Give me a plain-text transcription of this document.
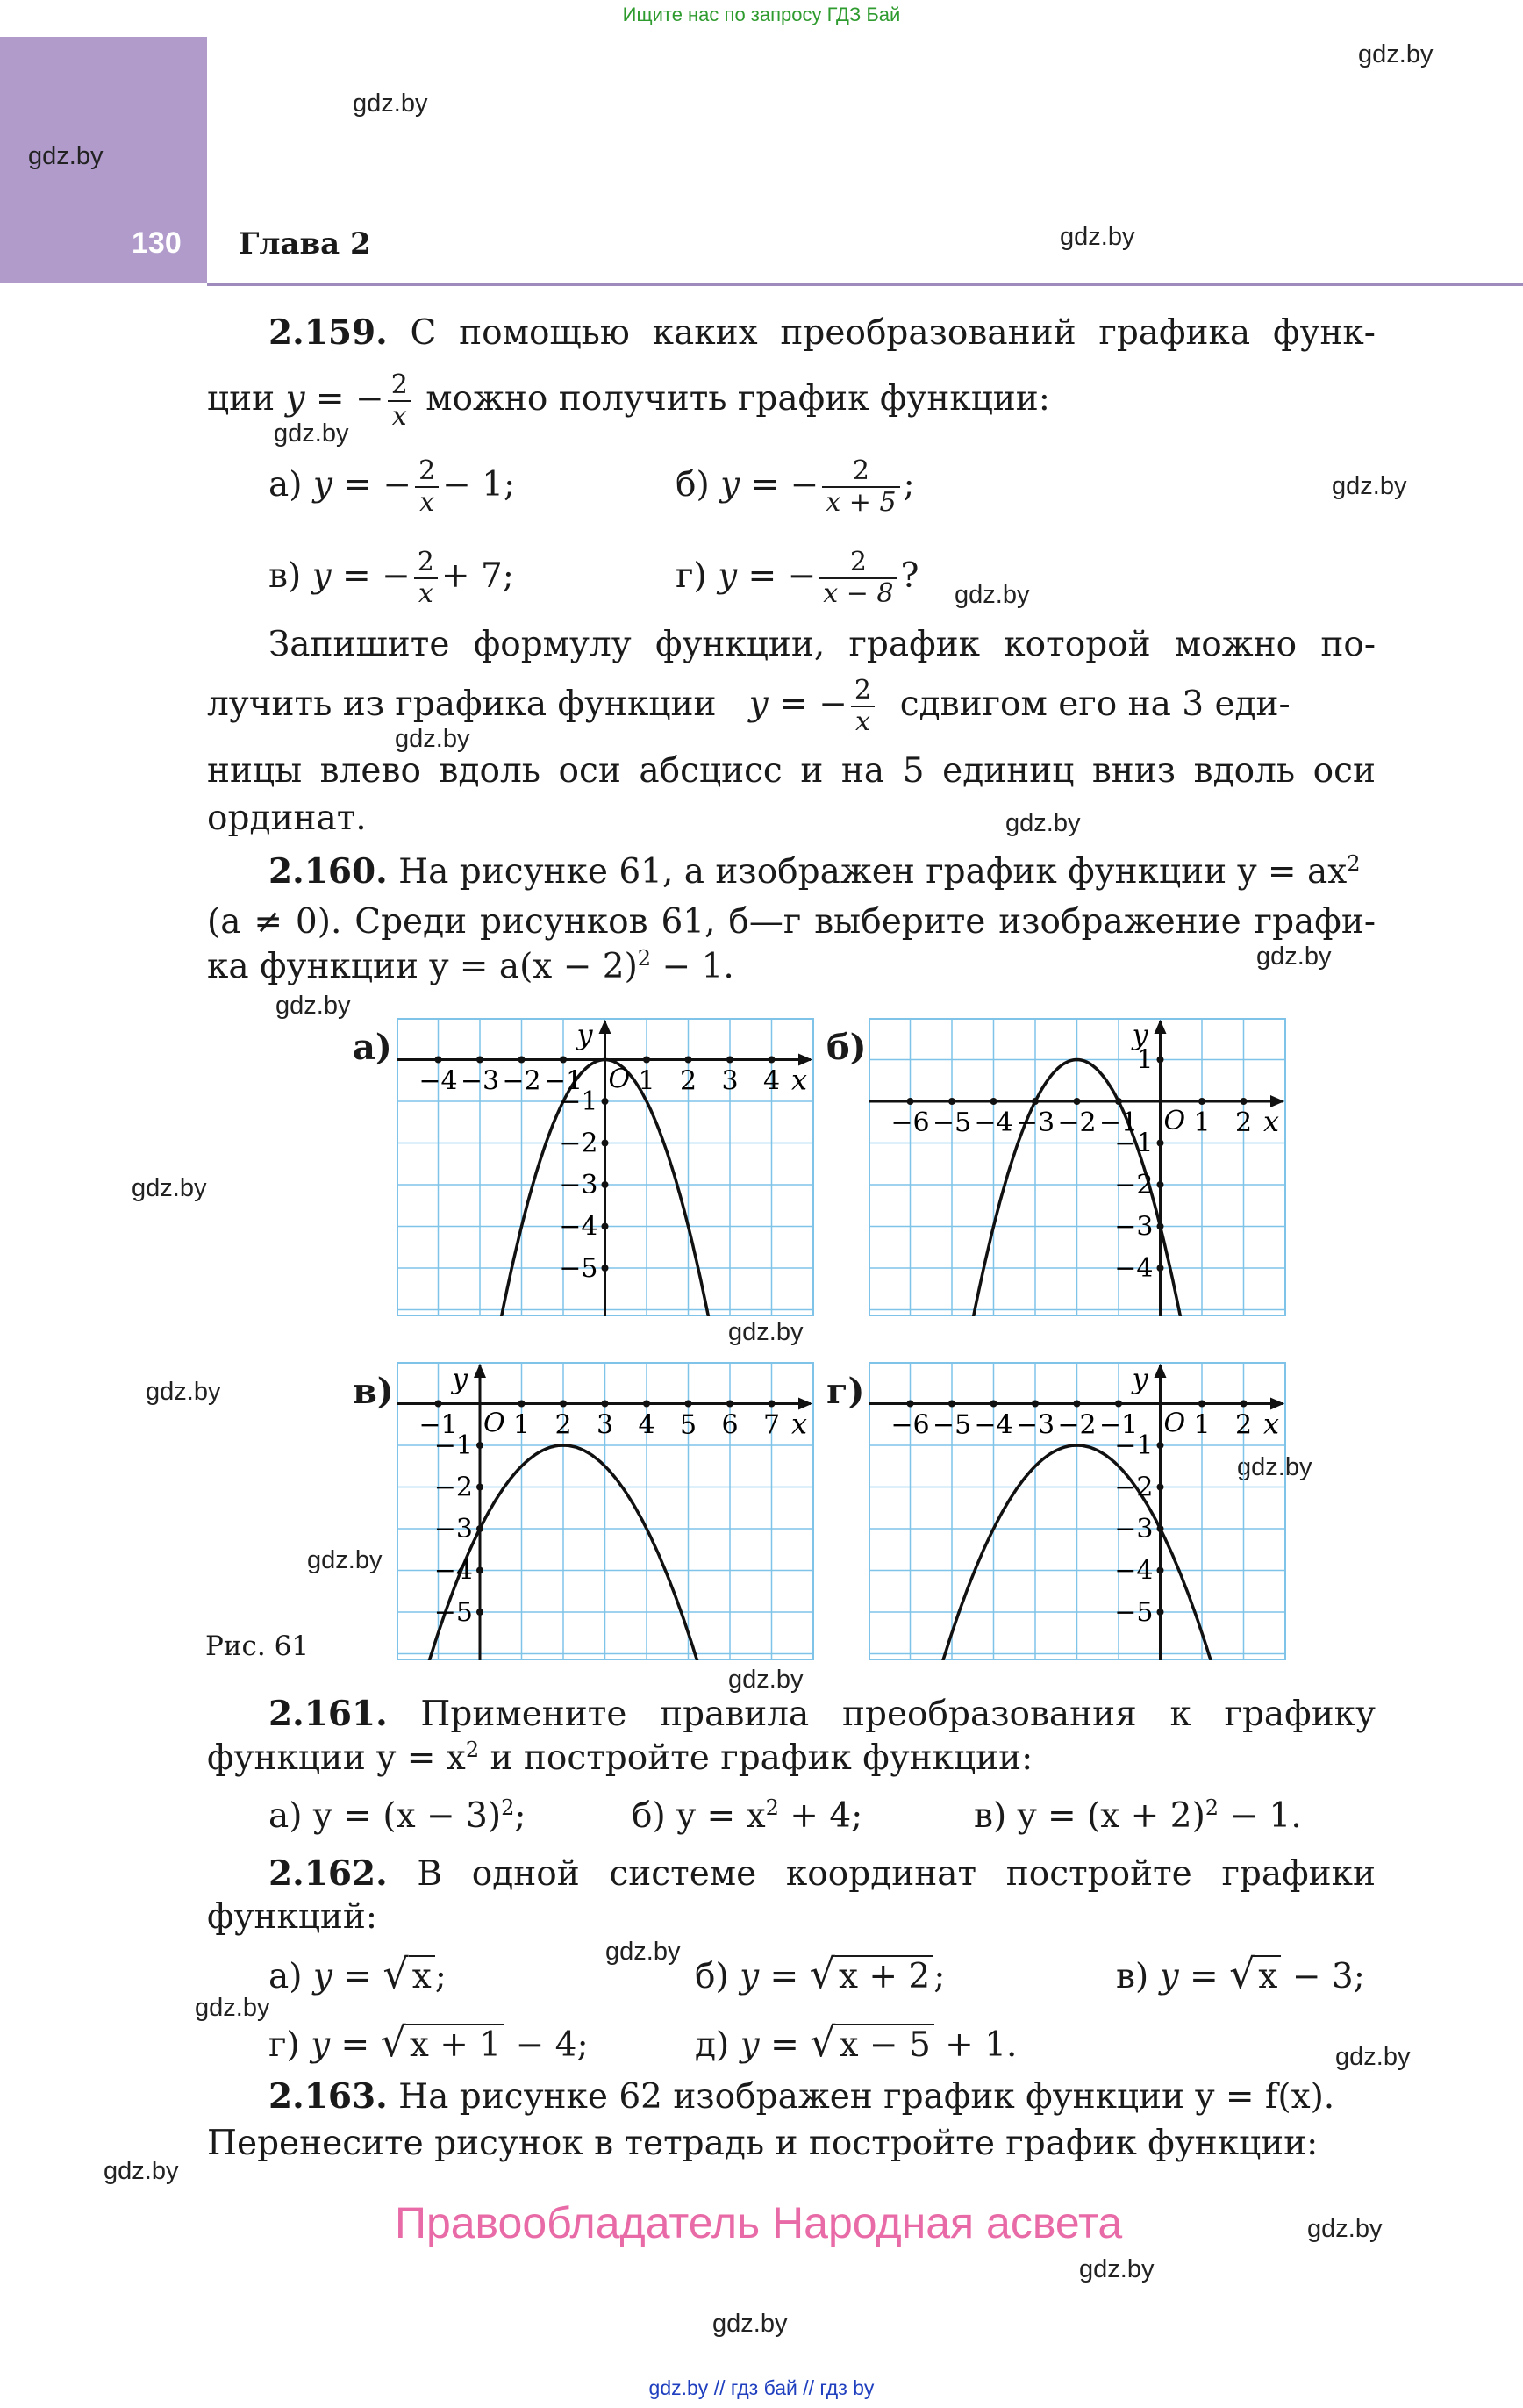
Ищите нас по запросу ГДЗ Бай
130 Глава 2
gdz.by
gdz.by
gdz.by
gdz.by
gdz.by
gdz.by
gdz.by
gdz.by
gdz.by
gdz.by
gdz.by
gdz.by
gdz.by
gdz.by
gdz.by
gdz.by
gdz.by
gdz.by
gdz.by
gdz.by
gdz.by
gdz.by
gdz.by
gdz.by
2.159. С помощью каких преобразований графика функ-
ции y = − $\frac{2}{x}$ можно получить график функции:
а) y = − $\frac{2}{x} - 1$;	б) y = − $\frac{2}{x + 5}$ ;
в) y = − $\frac{2}{x} + 7$;	г) y = − $\frac{2}{x - 8}$ ?
Запишите формулу функции, график которой можно по-
лучить из графика функции y = − $\frac{2}{x}$ сдвигом его на 3 еди-
ницы влево вдоль оси абсцисс и на 5 единиц вниз вдоль оси
ординат.
2.160. На рисунке 61, а изображен график функции $y = ax^2$
(a ≠ 0). Среди рисунков 61, б—г выберите изображение графи-
ка функции $y = a(x - 2)^2 - 1$.
а)	б)
в)	г)
−4 −3 −2 −1 1 2 3 4
−1
−2
−3
−4
−5
O	x
y
−6 −5 −4 −3 −2 −1 1 2
1
−1
−2
−3
−4
O	x
y
−1 1 2 3 4 5 6 7
−1
−2
−3
−4
−5
O	x
y
−6 −5 −4 −3 −2 −1 1 2
−1
−2
−3
−4
−5
O	x
y
Рис. 61
2.161. Примените правила преобразования к графику
функции $y = x^2$ и постройте график функции:
а) $y = (x - 3)^2$;	б) $y = x^2 + 4$;	в) $y = (x + 2)^2 - 1$.
2.162. В одной системе координат постройте графики
функций:
а) y = √ x ;	б) y = √ x + 2 ;	в) y = √ x − 3;
г) y = √ x + 1 − 4;	д) y = √ x − 5 + 1.
2.163. На рисунке 62 изображен график функции y = f(x).
Перенесите рисунок в тетрадь и постройте график функции:
Правообладатель Народная асвета
gdz.by // гдз бай // гдз by
